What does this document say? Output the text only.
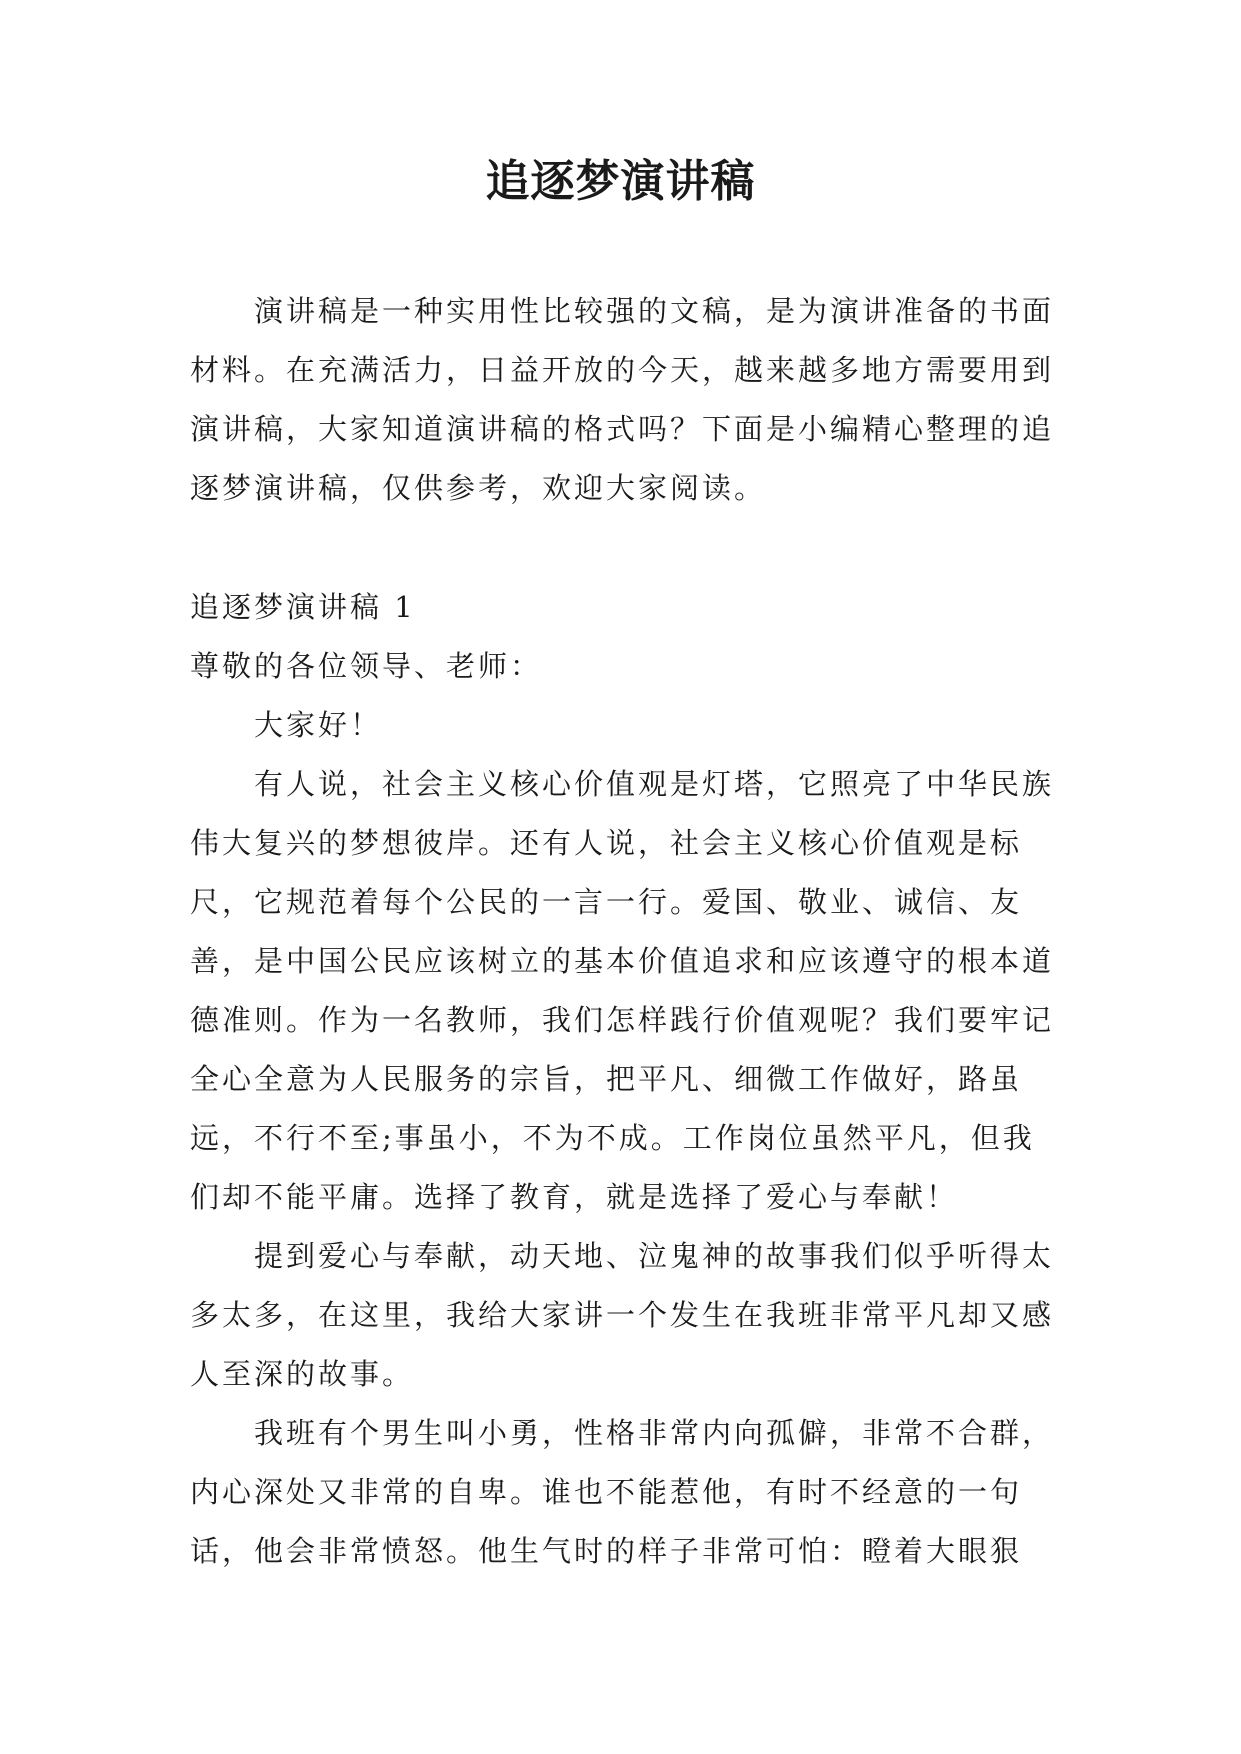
追逐梦演讲稿

演讲稿是一种实用性比较强的文稿，是为演讲准备的书面材料。在充满活力，日益开放的今天，越来越多地方需要用到演讲稿，大家知道演讲稿的格式吗？下面是小编精心整理的追逐梦演讲稿，仅供参考，欢迎大家阅读。

追逐梦演讲稿 1

尊敬的各位领导、老师：

大家好！

有人说，社会主义核心价值观是灯塔，它照亮了中华民族伟大复兴的梦想彼岸。还有人说，社会主义核心价值观是标尺，它规范着每个公民的一言一行。爱国、敬业、诚信、友善，是中国公民应该树立的基本价值追求和应该遵守的根本道德准则。作为一名教师，我们怎样践行价值观呢？我们要牢记全心全意为人民服务的宗旨，把平凡、细微工作做好，路虽远，不行不至;事虽小，不为不成。工作岗位虽然平凡，但我们却不能平庸。选择了教育，就是选择了爱心与奉献！

提到爱心与奉献，动天地、泣鬼神的故事我们似乎听得太多太多，在这里，我给大家讲一个发生在我班非常平凡却又感人至深的故事。

我班有个男生叫小勇，性格非常内向孤僻，非常不合群，内心深处又非常的自卑。谁也不能惹他，有时不经意的一句话，他会非常愤怒。他生气时的样子非常可怕：瞪着大眼狠
